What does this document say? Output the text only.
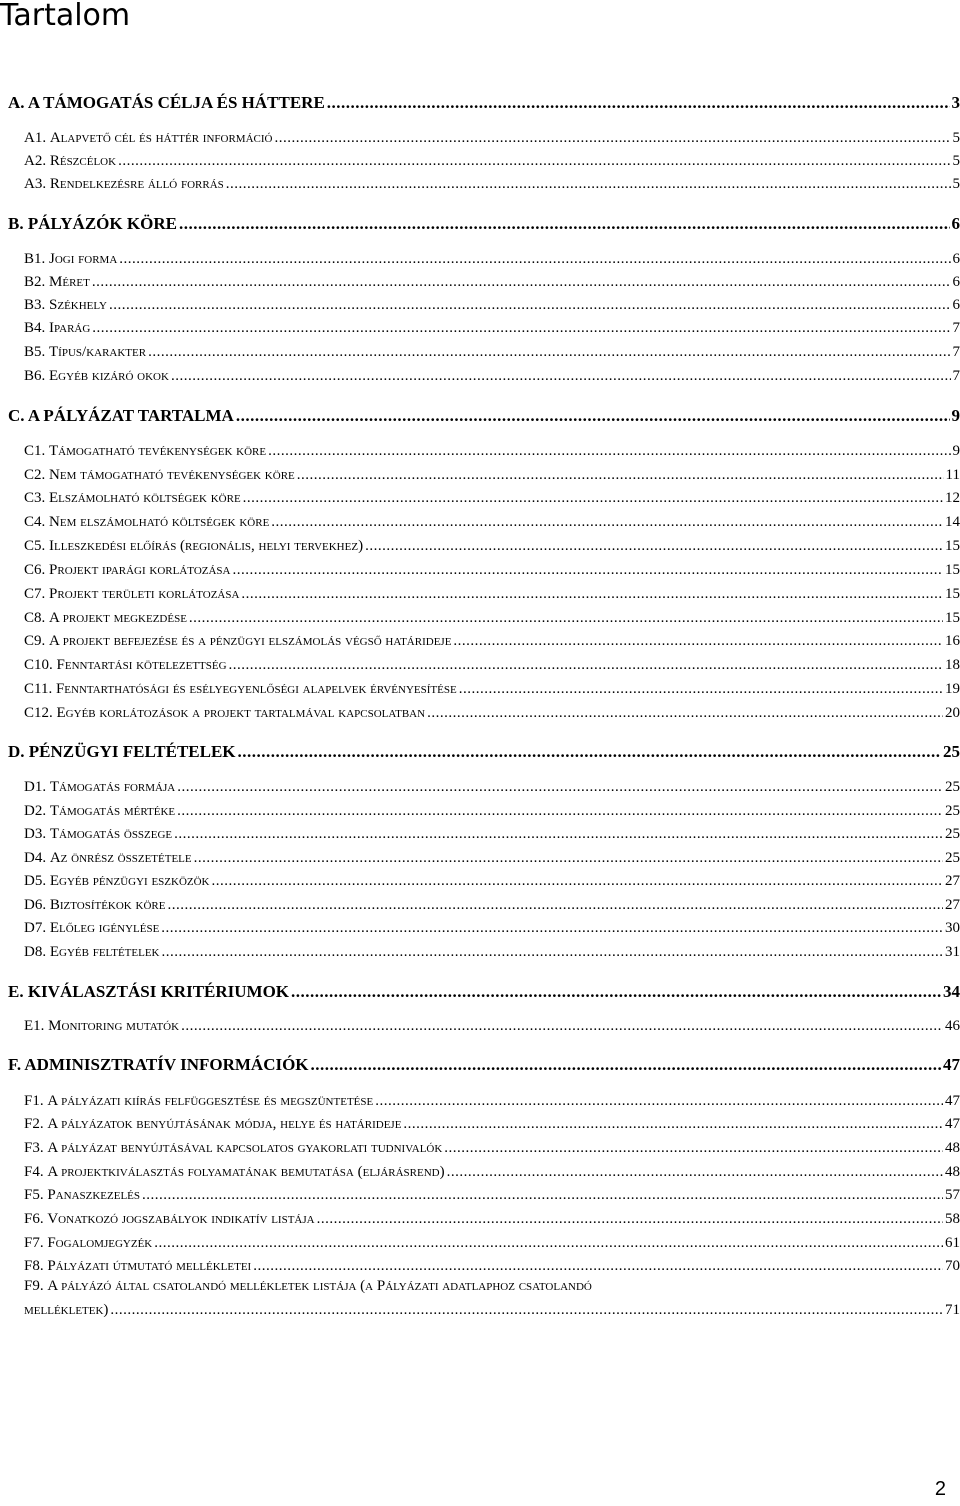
Tartalom
A. A TÁMOGATÁS CÉLJA ÉS HÁTTERE .....	3
A1. Alapvető cél és háttér információ .....	5
A2. Részcélok .....	5
A3. Rendelkezésre álló forrás .....	5
B. PÁLYÁZÓK KÖRE .....	6
B1. Jogi forma .....	6
B2. Méret .....	6
B3. Székhely .....	6
B4. Iparág .....	7
B5. Típus/karakter .....	7
B6. Egyéb kizáró okok .....	7
C. A PÁLYÁZAT TARTALMA .....	9
C1. Támogatható tevékenységek köre .....	9
C2. Nem támogatható tevékenységek köre .....	11
C3. Elszámolható költségek köre .....	12
C4. Nem elszámolható költségek köre .....	14
C5. Illeszkedési előírás (regionális, helyi tervekhez) .....	15
C6. Projekt iparági korlátozása .....	15
C7. Projekt területi korlátozása .....	15
C8. A projekt megkezdése .....	15
C9. A projekt befejezése és a pénzügyi elszámolás végső határideje .....	16
C10. Fenntartási kötelezettség .....	18
C11. Fenntarthatósági és esélyegyenlőségi alapelvek érvényesítése .....	19
C12. Egyéb korlátozások a projekt tartalmával kapcsolatban .....	20
D. PÉNZÜGYI FELTÉTELEK .....	25
D1. Támogatás formája .....	25
D2. Támogatás mértéke .....	25
D3. Támogatás összege .....	25
D4. Az önrész összetétele .....	25
D5. Egyéb pénzügyi eszközök .....	27
D6. Biztosítékok köre .....	27
D7. Előleg igénylése .....	30
D8. Egyéb feltételek .....	31
E. KIVÁLASZTÁSI KRITÉRIUMOK .....	34
E1. Monitoring mutatók .....	46
F. ADMINISZTRATÍV INFORMÁCIÓK .....	47
F1. A pályázati kiírás felfüggesztése és megszüntetése .....	47
F2. A pályázatok benyújtásának módja, helye és határideje .....	47
F3. A pályázat benyújtásával kapcsolatos gyakorlati tudnivalók .....	48
F4. A projektkiválasztás folyamatának bemutatása (eljárásrend) .....	48
F5. Panaszkezelés .....	57
F6. Vonatkozó jogszabályok indikatív listája .....	58
F7. Fogalomjegyzék .....	61
F8. Pályázati útmutató mellékletei .....	70
F9. A pályázó által csatolandó mellékletek listája (a Pályázati adatlaphoz csatolandó
mellékletek) .....	71
2
